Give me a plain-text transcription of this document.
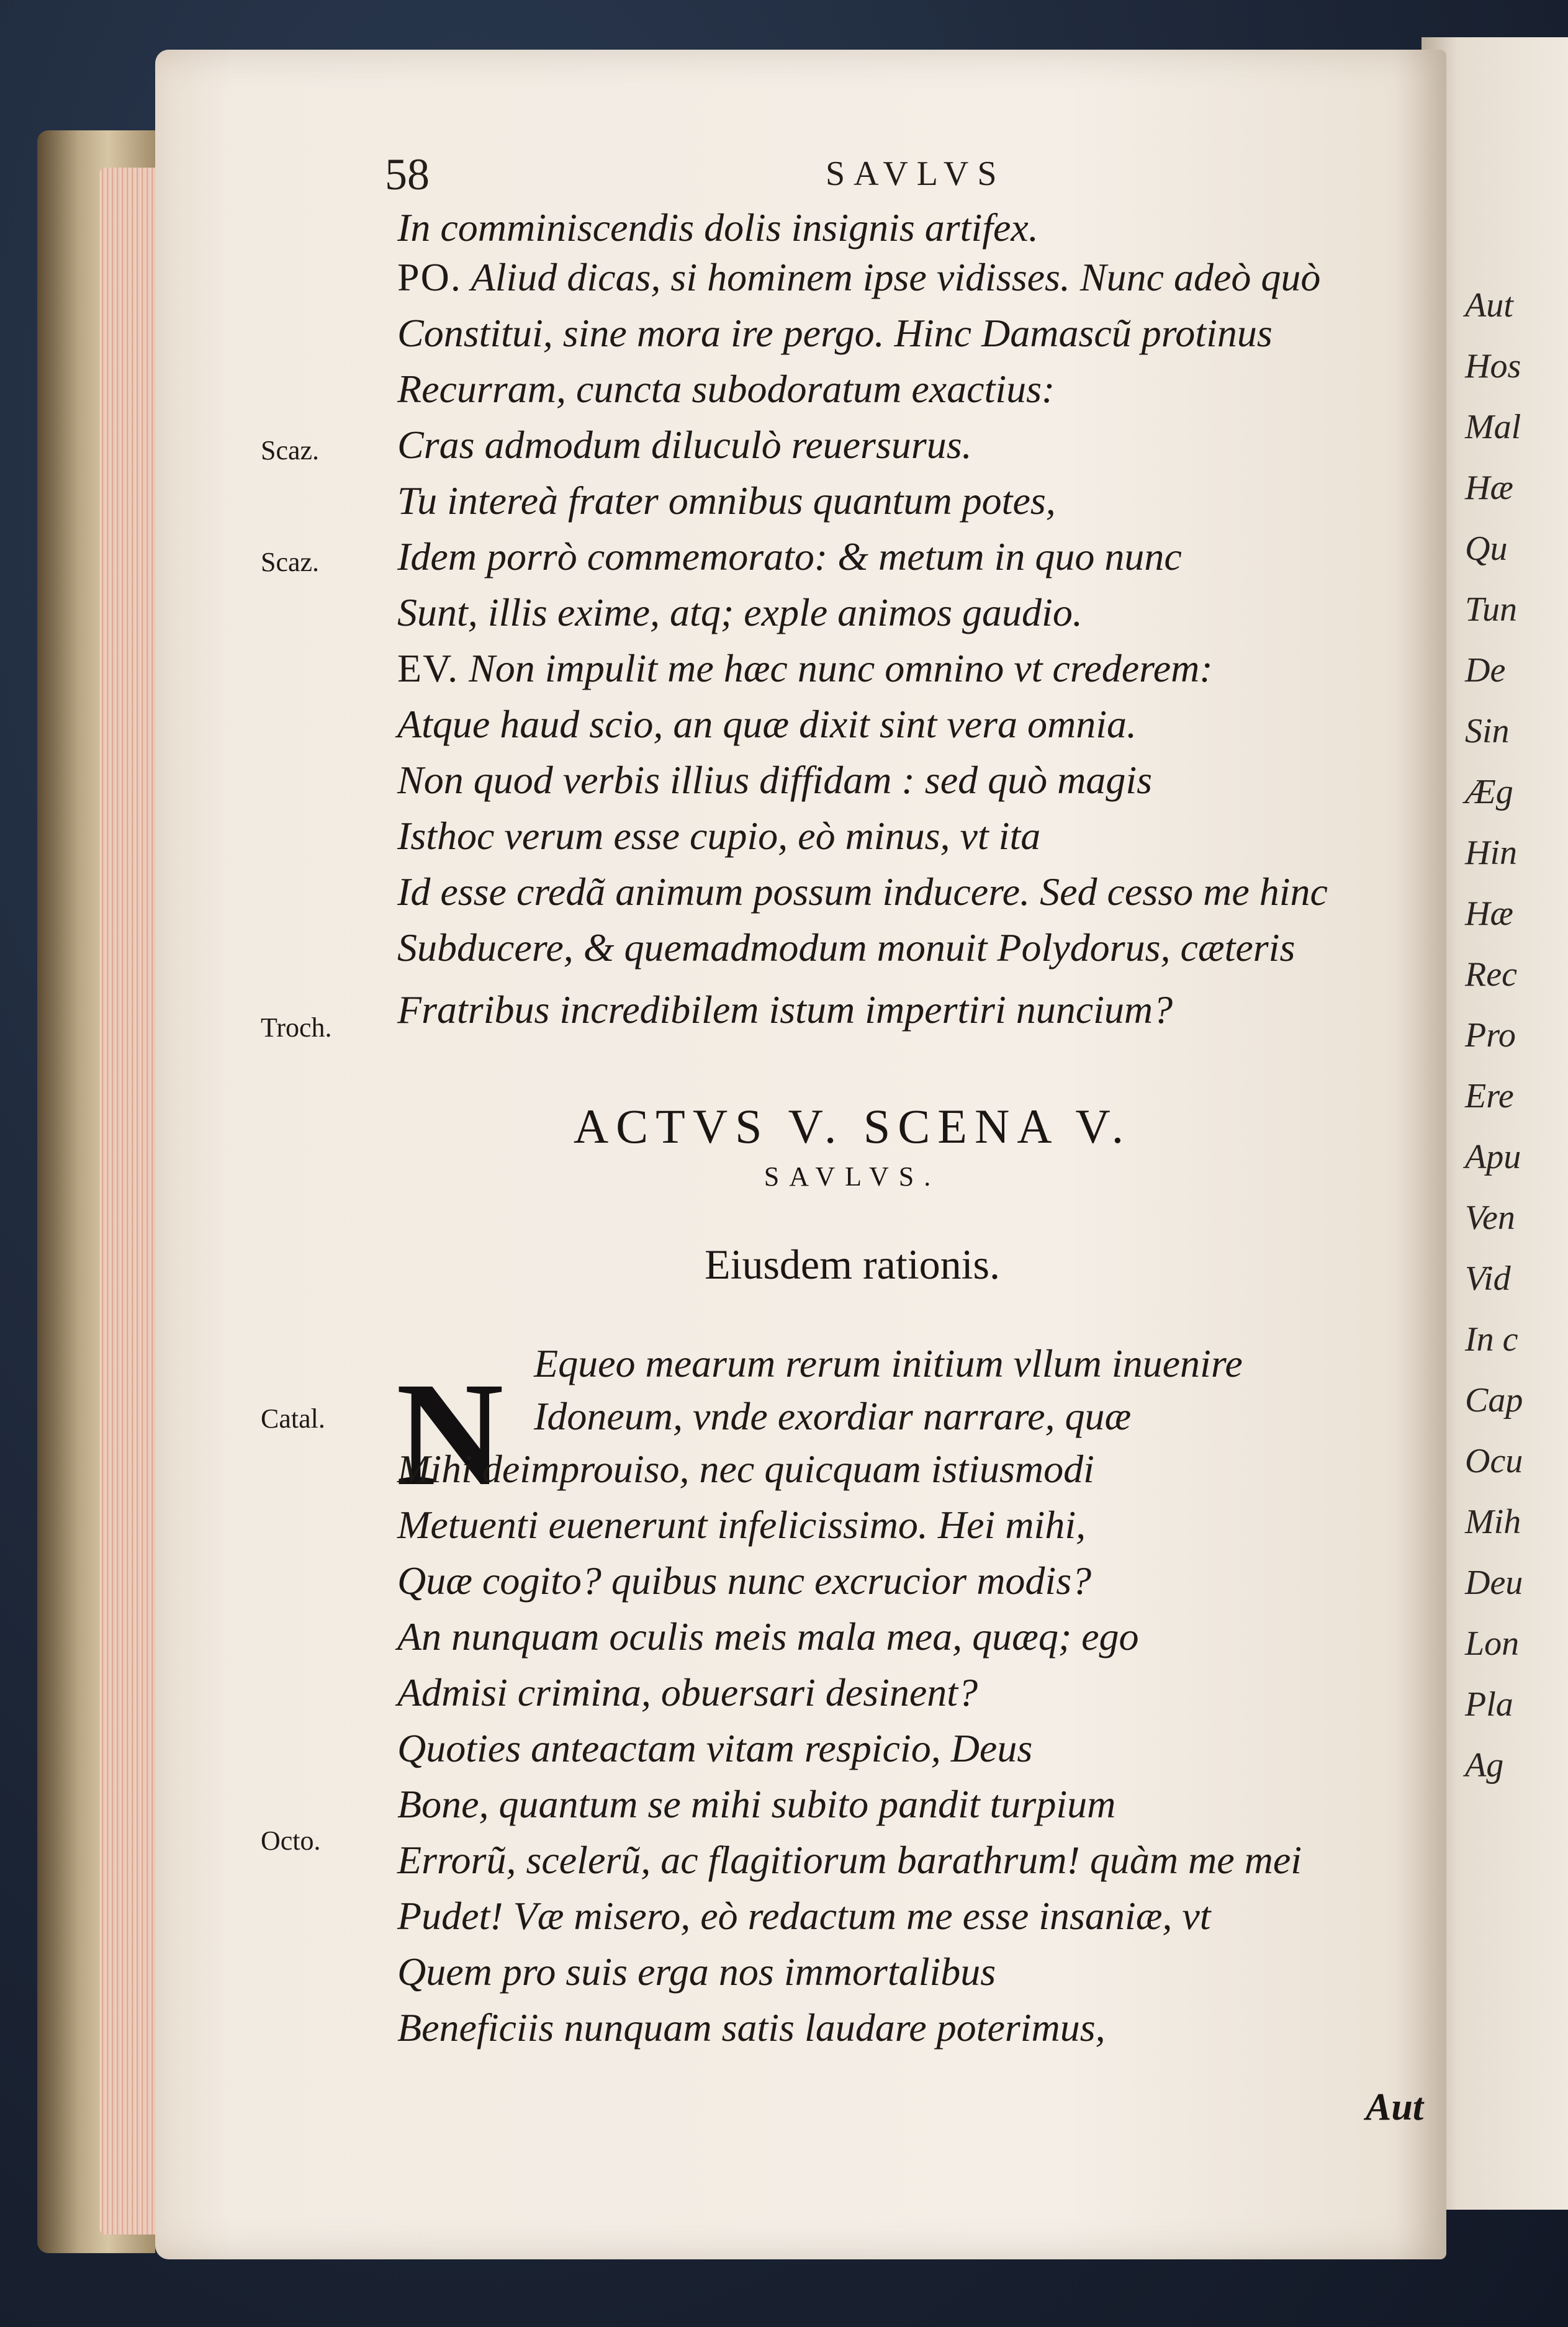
Aut
Hos
Mal
Hæ
Qu
Tun
De
Sin
Æg
Hin
Hæ
Rec
Pro
Ere
Apu
Ven
Vid
In c
Cap
Ocu
Mih
Deu
Lon
Pla
Ag
58	SAVLVS
In comminiscendis dolis insignis artifex.
PO. Aliud dicas, si hominem ipse vidisses. Nunc adeò quò
Constitui, sine mora ire pergo. Hinc Damascũ protinus
Recurram, cuncta subodoratum exactius:
Cras admodum diluculò reuersurus.
Tu intereà frater omnibus quantum potes,
Idem porrò commemorato: & metum in quo nunc
Sunt, illis exime, atq; exple animos gaudio.
EV. Non impulit me hæc nunc omnino vt crederem:
Atque haud scio, an quæ dixit sint vera omnia.
Non quod verbis illius diffidam : sed quò magis
Isthoc verum esse cupio, eò minus, vt ita
Id esse credã animum possum inducere. Sed cesso me hinc
Subducere, & quemadmodum monuit Polydorus, cæteris
Fratribus incredibilem istum impertiri nuncium?
Scaz.
Scaz.
Troch.
Catal.
Octo.
ACTVS V. SCENA V.
SAVLVS.
Eiusdem rationis.
N Equeo mearum rerum initium vllum inuenire
Idoneum, vnde exordiar narrare, quæ
Mihi deimprouiso, nec quicquam istiusmodi
Metuenti euenerunt infelicissimo. Hei mihi,
Quæ cogito? quibus nunc excrucior modis?
An nunquam oculis meis mala mea, quæq; ego
Admisi crimina, obuersari desinent?
Quoties anteactam vitam respicio, Deus
Bone, quantum se mihi subito pandit turpium
Errorũ, scelerũ, ac flagitiorum barathrum! quàm me mei
Pudet! Væ misero, eò redactum me esse insaniæ, vt
Quem pro suis erga nos immortalibus
Beneficiis nunquam satis laudare poterimus,
Aut
